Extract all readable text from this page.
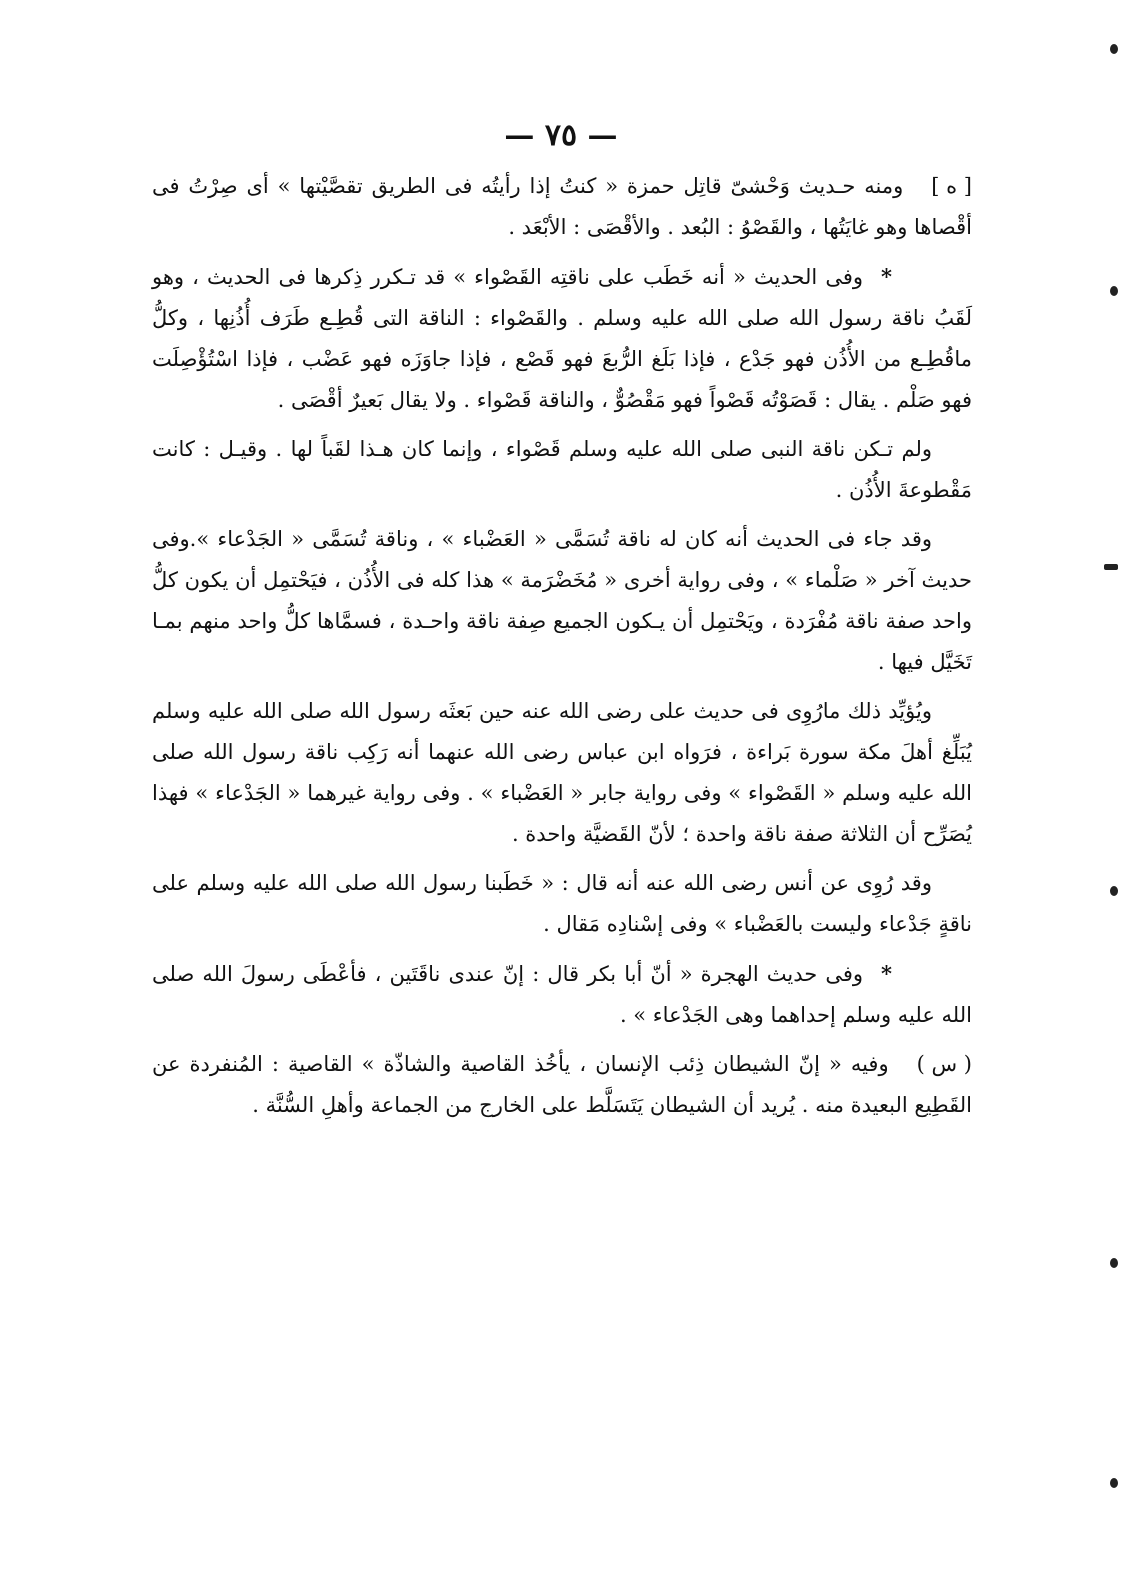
— ٧٥ —

[ ه ]ومنه حـديث وَحْشىّ قاتِل حمزة « كنتُ إذا رأيتُه فى الطريق تقصَّيْتها » أى صِرْتُ فى أقْصاها وهو غايَتُها ، والقَصْوُ : البُعد . والأقْصَى : الأبْعَد .

*وفى الحديث « أنه خَطَب على ناقتِه القَصْواء » قد تـكرر ذِكرها فى الحديث ، وهو لَقَبُ ناقة رسول الله صلى الله عليه وسلم . والقَصْواء : الناقة التى قُطِـع طَرَف أُذُنِها ، وكلُّ ماقُطِـع من الأُذُن فهو جَدْع ، فإذا بَلَغ الرُّبعَ فهو قَصْع ، فإذا جاوَزَه فهو عَضْب ، فإذا اسْتُؤْصِلَت فهو صَلْم . يقال : قَصَوْتُه قَصْواً فهو مَقْصُوٌّ ، والناقة قَصْواء . ولا يقال بَعيرٌ أقْصَى .

ولم تـكن ناقة النبى صلى الله عليه وسلم قَصْواء ، وإنما كان هـذا لقَباً لها . وقيـل : كانت مَقْطوعةَ الأُذُن .

وقد جاء فى الحديث أنه كان له ناقة تُسَمَّى « العَضْباء » ، وناقة تُسَمَّى « الجَدْعاء ».وفى حديث آخر « صَلْماء » ، وفى رواية أخرى « مُخَضْرَمة » هذا كله فى الأُذُن ، فيَحْتمِل أن يكون كلُّ واحد صفة ناقة مُفْرَدة ، ويَحْتمِل أن يـكون الجميع صِفة ناقة واحـدة ، فسمَّاها كلُّ واحد منهم بمـا تَخَيَّل فيها .

ويُؤيِّد ذلك مارُوِى فى حديث على رضى الله عنه حين بَعثَه رسول الله صلى الله عليه وسلم يُبَلِّغ أهلَ مكة سورة بَراءة ، فرَواه ابن عباس رضى الله عنهما أنه رَكِب ناقة رسول الله صلى الله عليه وسلم « القَصْواء » وفى رواية جابر « العَضْباء » . وفى رواية غيرهما « الجَدْعاء » فهذا يُصَرِّح أن الثلاثة صفة ناقة واحدة ؛ لأنّ القَضيَّة واحدة .

وقد رُوِى عن أنس رضى الله عنه أنه قال : « خَطَبنا رسول الله صلى الله عليه وسلم على ناقةٍ جَدْعاء وليست بالعَضْباء » وفى إسْنادِه مَقال .

*وفى حديث الهجرة « أنّ أبا بكر قال : إنّ عندى ناقَتَين ، فأعْطَى رسولَ الله صلى الله عليه وسلم إحداهما وهى الجَدْعاء » .

( س )وفيه « إنّ الشيطان ذِئب الإنسان ، يأخُذ القاصية والشاذّة » القاصية : المُنفردة عن القَطِيع البعيدة منه . يُريد أن الشيطان يَتَسَلَّط على الخارج من الجماعة وأهلِ السُّنَّة .
